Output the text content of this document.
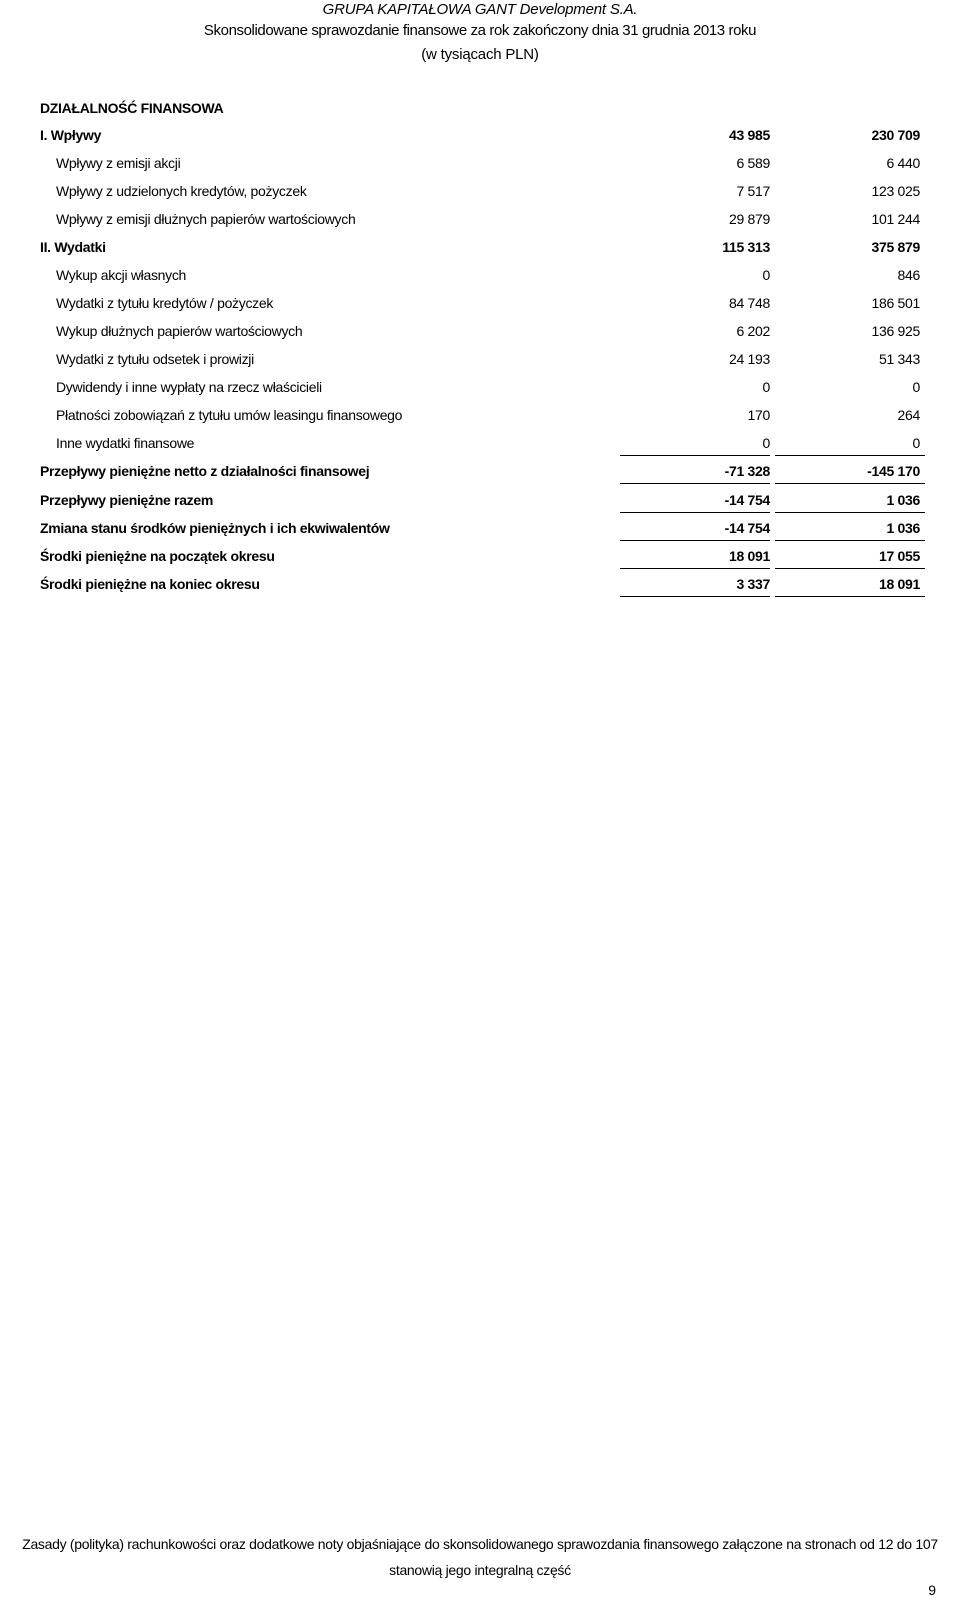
GRUPA KAPITAŁOWA GANT Development S.A.
Skonsolidowane sprawozdanie finansowe za rok zakończony dnia 31 grudnia 2013 roku
(w tysiącach PLN)
DZIAŁALNOŚĆ FINANSOWA
I. Wpływy	43 985	230 709
Wpływy z emisji akcji	6 589	6 440
Wpływy z udzielonych kredytów, pożyczek	7 517	123 025
Wpływy z emisji dłużnych papierów wartościowych	29 879	101 244
II. Wydatki	115 313	375 879
Wykup akcji własnych	0	846
Wydatki z tytułu kredytów / pożyczek	84 748	186 501
Wykup dłużnych papierów wartościowych	6 202	136 925
Wydatki z tytułu odsetek i prowizji	24 193	51 343
Dywidendy i inne wypłaty na rzecz właścicieli	0	0
Płatności zobowiązań z tytułu umów leasingu finansowego	170	264
Inne wydatki finansowe	0	0
Przepływy pieniężne netto z działalności finansowej	-71 328	-145 170
Przepływy pieniężne razem	-14 754	1 036
Zmiana stanu środków pieniężnych i ich ekwiwalentów	-14 754	1 036
Środki pieniężne na początek okresu	18 091	17 055
Środki pieniężne na koniec okresu	3 337	18 091
Zasady (polityka) rachunkowości oraz dodatkowe noty objaśniające do skonsolidowanego sprawozdania finansowego załączone na stronach od 12 do 107
stanowią jego integralną część
9
